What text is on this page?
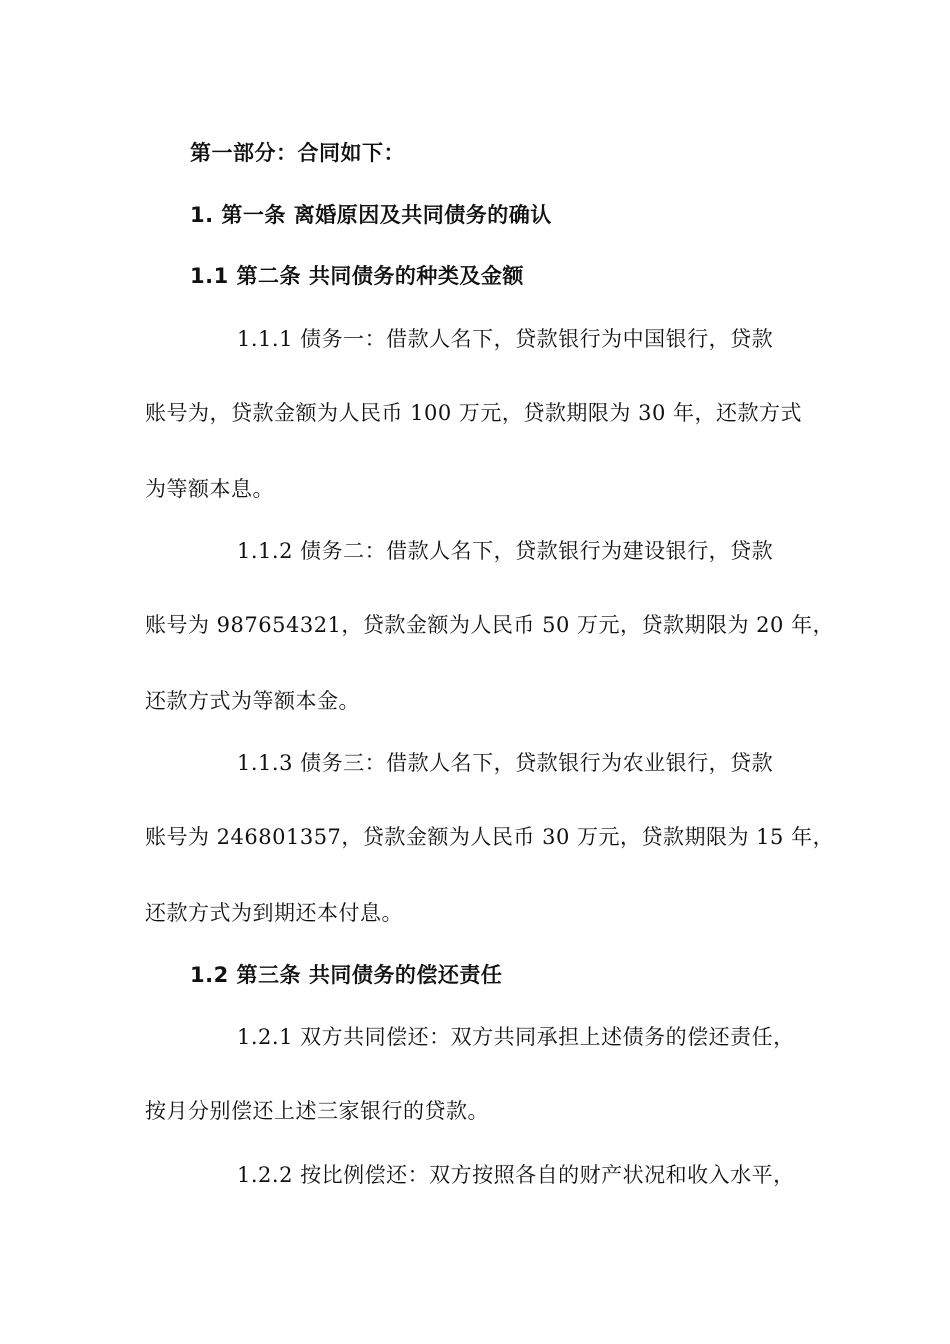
第一部分：合同如下：
1. 第一条 离婚原因及共同债务的确认
1.1 第二条 共同债务的种类及金额
1.1.1 债务一：借款人名下，贷款银行为中国银行，贷款
账号为，贷款金额为人民币 100 万元，贷款期限为 30 年，还款方式
为等额本息。
1.1.2 债务二：借款人名下，贷款银行为建设银行，贷款
账号为 987654321，贷款金额为人民币 50 万元，贷款期限为 20 年，
还款方式为等额本金。
1.1.3 债务三：借款人名下，贷款银行为农业银行，贷款
账号为 246801357，贷款金额为人民币 30 万元，贷款期限为 15 年，
还款方式为到期还本付息。
1.2 第三条 共同债务的偿还责任
1.2.1 双方共同偿还：双方共同承担上述债务的偿还责任，
按月分别偿还上述三家银行的贷款。
1.2.2 按比例偿还：双方按照各自的财产状况和收入水平，
